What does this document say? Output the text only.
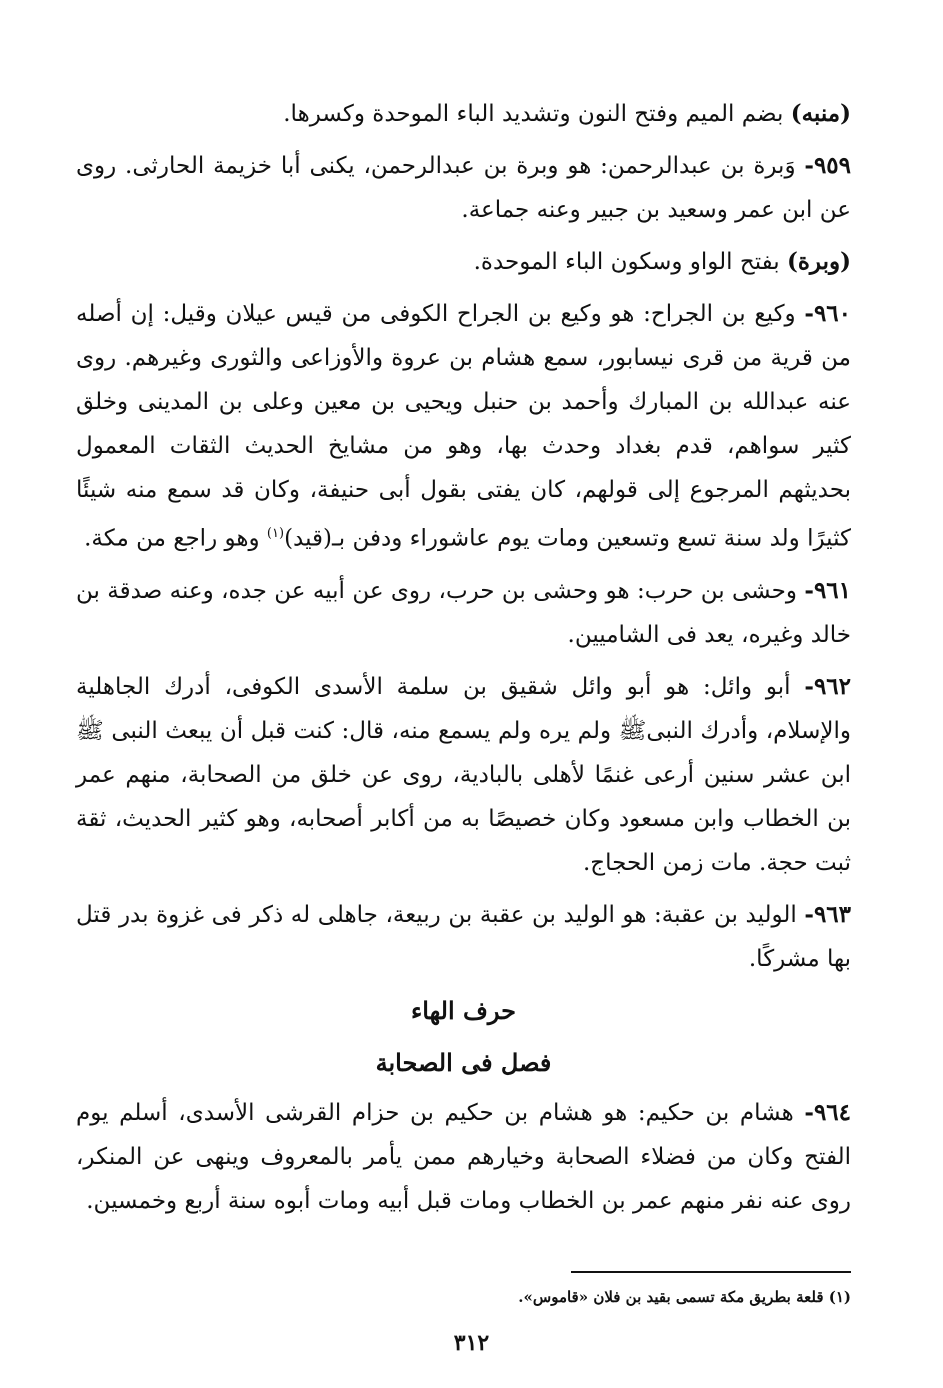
(منبه) بضم الميم وفتح النون وتشديد الباء الموحدة وكسرها.

٩٥٩- وَبرة بن عبدالرحمن: هو وبرة بن عبدالرحمن، يكنى أبا خزيمة الحارثى. روى عن ابن عمر وسعيد بن جبير وعنه جماعة.

(وبرة) بفتح الواو وسكون الباء الموحدة.

٩٦٠- وكيع بن الجراح: هو وكيع بن الجراح الكوفى من قيس عيلان وقيل: إن أصله من قرية من قرى نيسابور، سمع هشام بن عروة والأوزاعى والثورى وغيرهم. روى عنه عبدالله بن المبارك وأحمد بن حنبل ويحيى بن معين وعلى بن المدينى وخلق كثير سواهم، قدم بغداد وحدث بها، وهو من مشايخ الحديث الثقات المعمول بحديثهم المرجوع إلى قولهم، كان يفتى بقول أبى حنيفة، وكان قد سمع منه شيئًا كثيرًا ولد سنة تسع وتسعين ومات يوم عاشوراء ودفن بـ(قيد)$^{(١)}$ وهو راجع من مكة.

٩٦١- وحشى بن حرب: هو وحشى بن حرب، روى عن أبيه عن جده، وعنه صدقة بن خالد وغيره، يعد فى الشاميين.

٩٦٢- أبو وائل: هو أبو وائل شقيق بن سلمة الأسدى الكوفى، أدرك الجاهلية والإسلام، وأدرك النبىﷺ ولم يره ولم يسمع منه، قال: كنت قبل أن يبعث النبى ﷺ ابن عشر سنين أرعى غنمًا لأهلى بالبادية، روى عن خلق من الصحابة، منهم عمر بن الخطاب وابن مسعود وكان خصيصًا به من أكابر أصحابه، وهو كثير الحديث، ثقة ثبت حجة. مات زمن الحجاج.

٩٦٣- الوليد بن عقبة: هو الوليد بن عقبة بن ربيعة، جاهلى له ذكر فى غزوة بدر قتل بها مشركًا.

حرف الهاء
فصل فى الصحابة

٩٦٤- هشام بن حكيم: هو هشام بن حكيم بن حزام القرشى الأسدى، أسلم يوم الفتح وكان من فضلاء الصحابة وخيارهم ممن يأمر بالمعروف وينهى عن المنكر، روى عنه نفر منهم عمر بن الخطاب ومات قبل أبيه ومات أبوه سنة أربع وخمسين.

(١) قلعة بطريق مكة تسمى بقيد بن فلان «قاموس».
٣١٢
